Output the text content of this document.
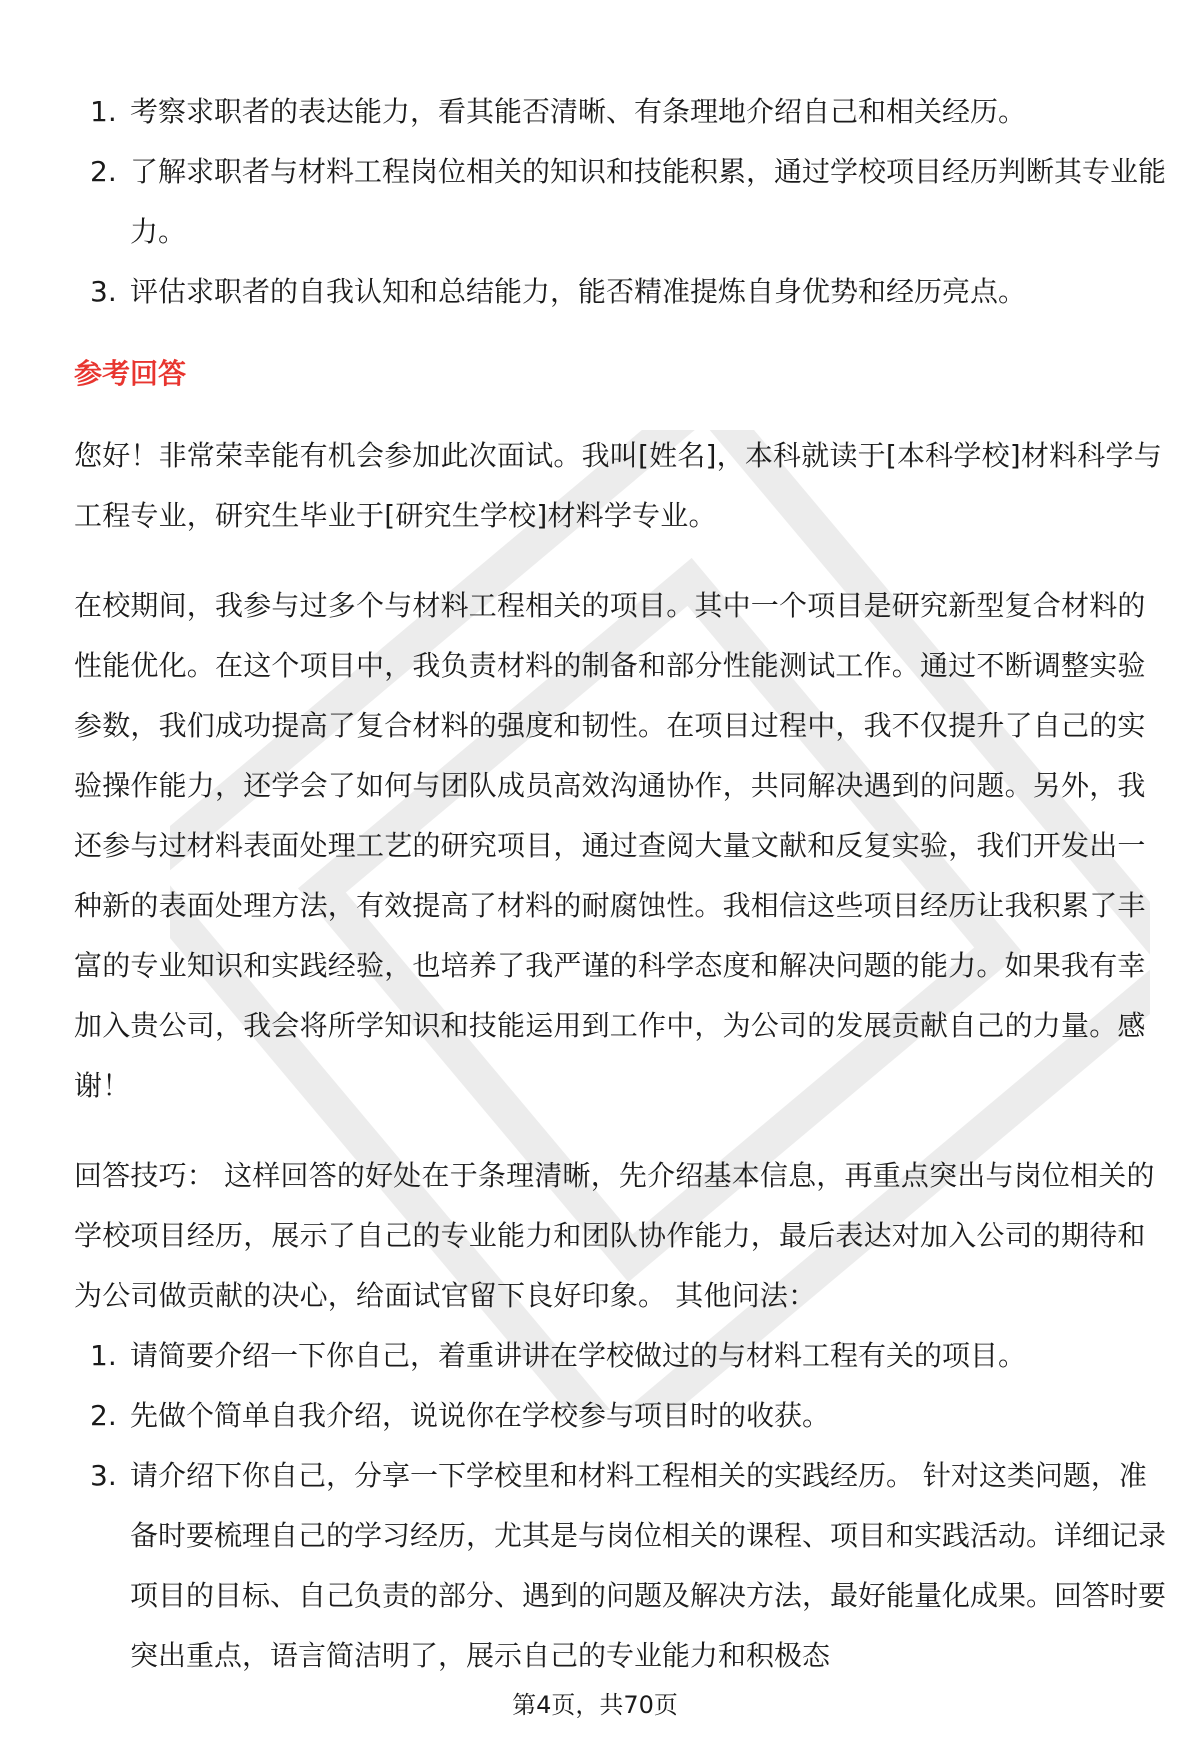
1. 考察求职者的表达能力，看其能否清晰、有条理地介绍自己和相关经历。
2. 了解求职者与材料工程岗位相关的知识和技能积累，通过学校项目经历判断其专业能力。
3. 评估求职者的自我认知和总结能力，能否精准提炼自身优势和经历亮点。
参考回答

您好！非常荣幸能有机会参加此次面试。我叫[姓名]，本科就读于[本科学校]材料科学与工程专业，研究生毕业于[研究生学校]材料学专业。

在校期间，我参与过多个与材料工程相关的项目。其中一个项目是研究新型复合材料的性能优化。在这个项目中，我负责材料的制备和部分性能测试工作。通过不断调整实验参数，我们成功提高了复合材料的强度和韧性。在项目过程中，我不仅提升了自己的实验操作能力，还学会了如何与团队成员高效沟通协作，共同解决遇到的问题。另外，我还参与过材料表面处理工艺的研究项目，通过查阅大量文献和反复实验，我们开发出一种新的表面处理方法，有效提高了材料的耐腐蚀性。我相信这些项目经历让我积累了丰富的专业知识和实践经验，也培养了我严谨的科学态度和解决问题的能力。如果我有幸加入贵公司，我会将所学知识和技能运用到工作中，为公司的发展贡献自己的力量。感谢！

回答技巧： 这样回答的好处在于条理清晰，先介绍基本信息，再重点突出与岗位相关的学校项目经历，展示了自己的专业能力和团队协作能力，最后表达对加入公司的期待和为公司做贡献的决心，给面试官留下良好印象。 其他问法：

1. 请简要介绍一下你自己，着重讲讲在学校做过的与材料工程有关的项目。
2. 先做个简单自我介绍，说说你在学校参与项目时的收获。
3. 请介绍下你自己，分享一下学校里和材料工程相关的实践经历。 针对这类问题，准备时要梳理自己的学习经历，尤其是与岗位相关的课程、项目和实践活动。详细记录项目的目标、自己负责的部分、遇到的问题及解决方法，最好能量化成果。回答时要突出重点，语言简洁明了，展示自己的专业能力和积极态
第4页，共70页
